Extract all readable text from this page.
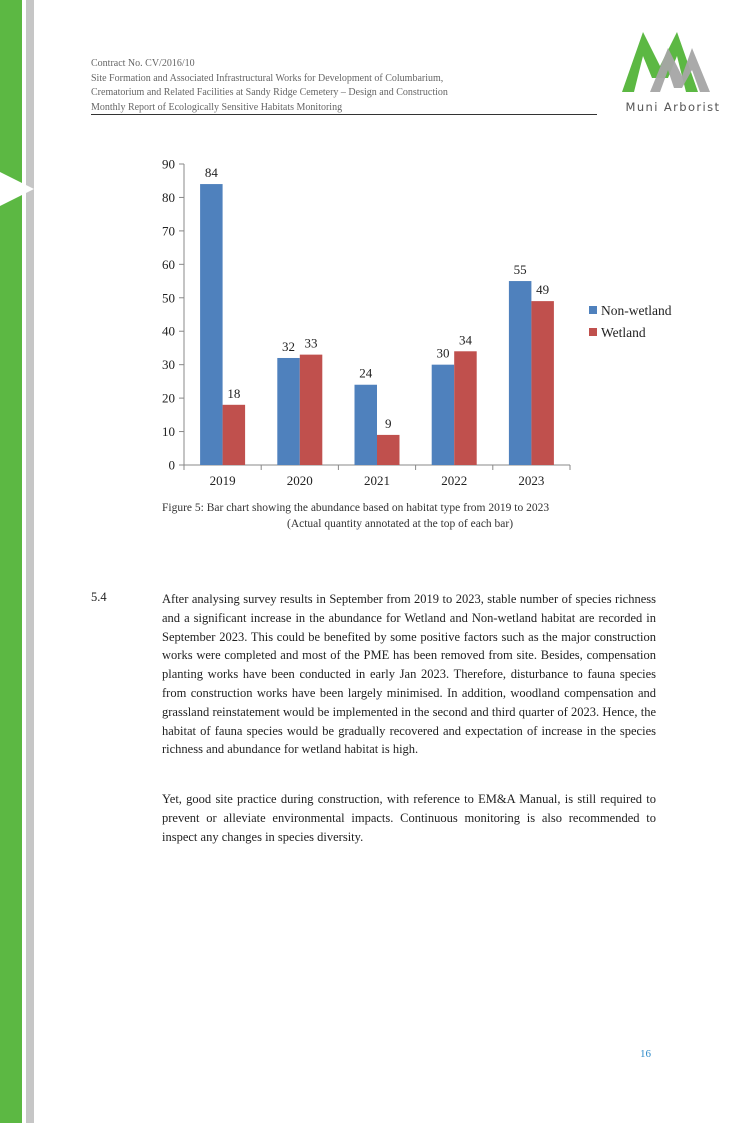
Contract No. CV/2016/10
Site Formation and Associated Infrastructural Works for Development of Columbarium,
Crematorium and Related Facilities at Sandy Ridge Cemetery – Design and Construction
Monthly Report of Ecologically Sensitive Habitats Monitoring	Muni Arborist
0
10
20
30
40
50
60
70
80
90
2019	2020	2021	2022	2023
84
32
24
30
55
18
33
9
34
49
Non-wetland
Wetland
Figure 5: Bar chart showing the abundance based on habitat type from 2019 to 2023
(Actual quantity annotated at the top of each bar)
5.4	After analysing survey results in September from 2019 to 2023, stable number of species richness and a significant increase in the abundance for Wetland and Non-wetland habitat are recorded in September 2023. This could be benefited by some positive factors such as the major construction works were completed and most of the PME has been removed from site. Besides, compensation planting works have been conducted in early Jan 2023. Therefore, disturbance to fauna species from construction works have been largely minimised. In addition, woodland compensation and grassland reinstatement would be implemented in the second and third quarter of 2023. Hence, the habitat of fauna species would be gradually recovered and expectation of increase in the species richness and abundance for wetland habitat is high.
Yet, good site practice during construction, with reference to EM&A Manual, is still required to prevent or alleviate environmental impacts. Continuous monitoring is also recommended to inspect any changes in species diversity.
16
